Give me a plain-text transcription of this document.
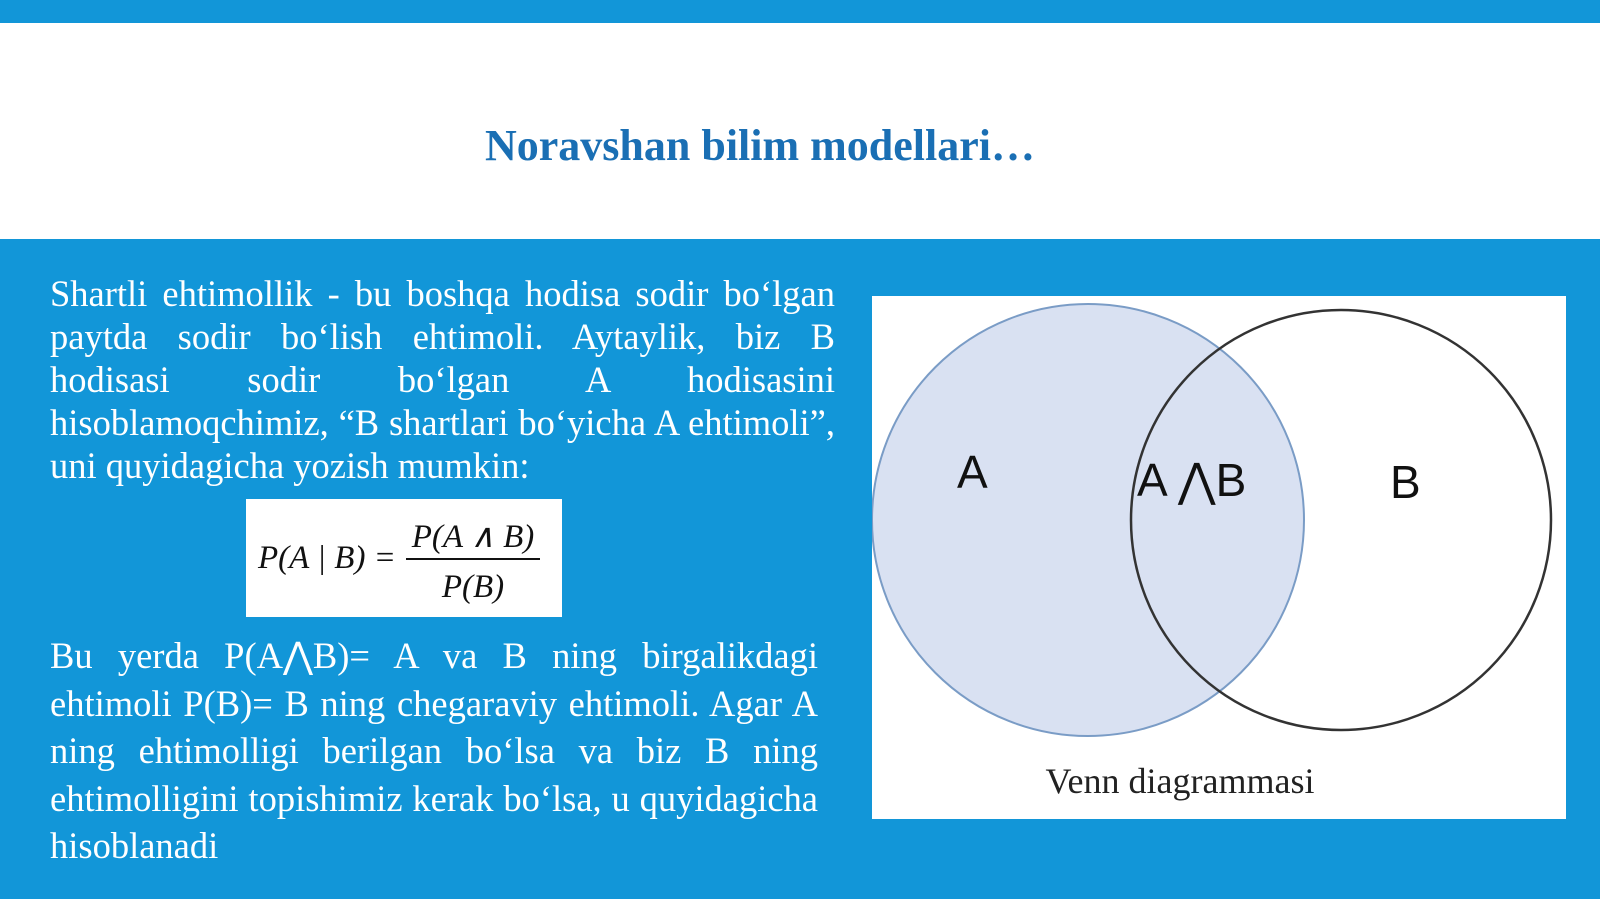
Noravshan bilim modellari…

Shartli ehtimollik - bu boshqa hodisa sodir bo‘lgan paytda sodir bo‘lish ehtimoli. Aytaylik, biz B hodisasi sodir bo‘lgan A hodisasini hisoblamoqchimiz, “B shartlari bo‘yicha A ehtimoli”, uni quyidagicha yozish mumkin:

P(A | B) =
P(A ∧ B)
P(B)

Bu yerda P(A⋀B)= A va B ning birgalikdagi ehtimoli P(B)= B ning chegaraviy ehtimoli. Agar A ning ehtimolligi berilgan bo‘lsa va biz B ning ehtimolligini topishimiz kerak bo‘lsa, u quyidagicha hisoblanadi

A	A ⋀B	B
Venn diagrammasi
